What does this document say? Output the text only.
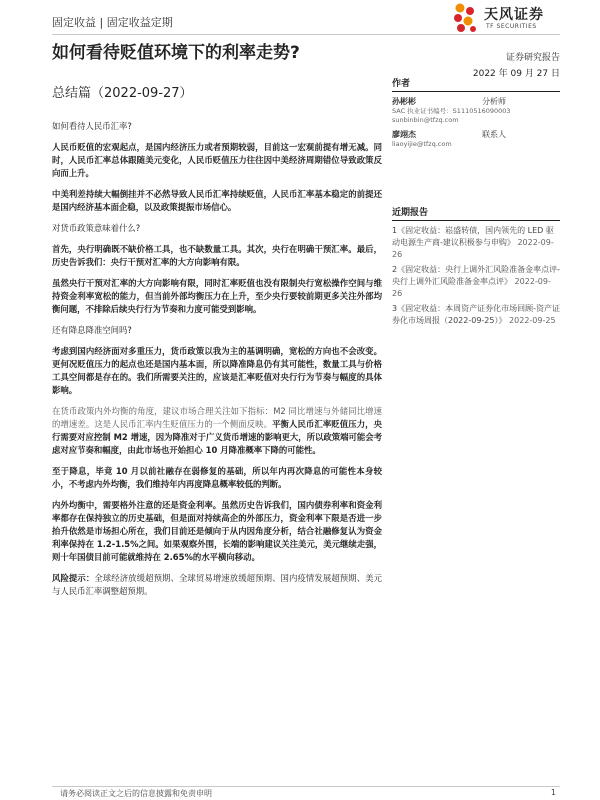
固定收益 | 固定收益定期	天风证券
TF SECURITIES
如何看待贬值环境下的利率走势?	证券研究报告
2022 年 09 月 27 日
总结篇（2022-09-27）
作者
孙彬彬	分析师
SAC 执业证书编号：S1110516090003
sunbinbin@tfzq.com
廖翊杰	联系人
liaoyijie@tfzq.com
近期报告
1《固定收益：崧盛转债，国内领先的 LED 驱动电源生产商-建议积极参与申购》 2022-09-26
2《固定收益：央行上调外汇风险准备金率点评-央行上调外汇风险准备金率点评》 2022-09-26
3《固定收益：本周资产证券化市场回顾-资产证券化市场周报（2022-09-25）》 2022-09-25
如何看待人民币汇率?
人民币贬值的宏观起点，是国内经济压力或者预期较弱，目前这一宏观前提有增无减。同时，人民币汇率总体跟随美元变化，人民币贬值压力往往因中美经济周期错位导致政策反向而上升。
中美利差持续大幅倒挂并不必然导致人民币汇率持续贬值，人民币汇率基本稳定的前提还是国内经济基本面企稳，以及政策提振市场信心。
对货币政策意味着什么?
首先，央行明确既不缺价格工具，也不缺数量工具。其次，央行在明确干预汇率。最后，历史告诉我们：央行干预对汇率的大方向影响有限。
虽然央行干预对汇率的大方向影响有限，同时汇率贬值也没有限制央行宽松操作空间与维持资金利率宽松的能力，但当前外部均衡压力在上升，至少央行要较前期更多关注外部均衡问题，不排除后续央行行为节奏和力度可能受到影响。
还有降息降准空间吗?
考虑到国内经济面对多重压力，货币政策以我为主的基调明确，宽松的方向也不会改变。更何况贬值压力的起点也还是国内基本面，所以降准降息仍有其可能性，数量工具与价格工具空间都是存在的。我们所需要关注的，应该是汇率贬值对央行行为节奏与幅度的具体影响。
在货币政策内外均衡的角度，建议市场合理关注如下指标：M2 同比增速与外储同比增速的增速差。这是人民币汇率内生贬值压力的一个侧面反映。平衡人民币汇率贬值压力，央行需要对应控制 M2 增速，因为降准对于广义货币增速的影响更大，所以政策端可能会考虑对应节奏和幅度，由此市场也开始担心 10 月降准概率下降的可能性。
至于降息，毕竟 10 月以前社融存在弱修复的基础，所以年内再次降息的可能性本身较小，不考虑内外均衡，我们维持年内再度降息概率较低的判断。
内外均衡中，需要格外注意的还是资金利率。虽然历史告诉我们，国内债券利率和资金利率都存在保持独立的历史基础，但是面对持续高企的外部压力，资金利率下限是否进一步抬升依然是市场担心所在，我们目前还是倾向于从内因角度分析，结合社融修复认为资金利率保持在 1.2-1.5%之间。如果观察外围，长端的影响建议关注美元，美元继续走强，则十年国债目前可能就维持在 2.65%的水平横向移动。
风险提示：全球经济放缓超预期、全球贸易增速放缓超预期、国内疫情发展超预期、美元与人民币汇率调整超预期。
请务必阅读正文之后的信息披露和免责申明	1
